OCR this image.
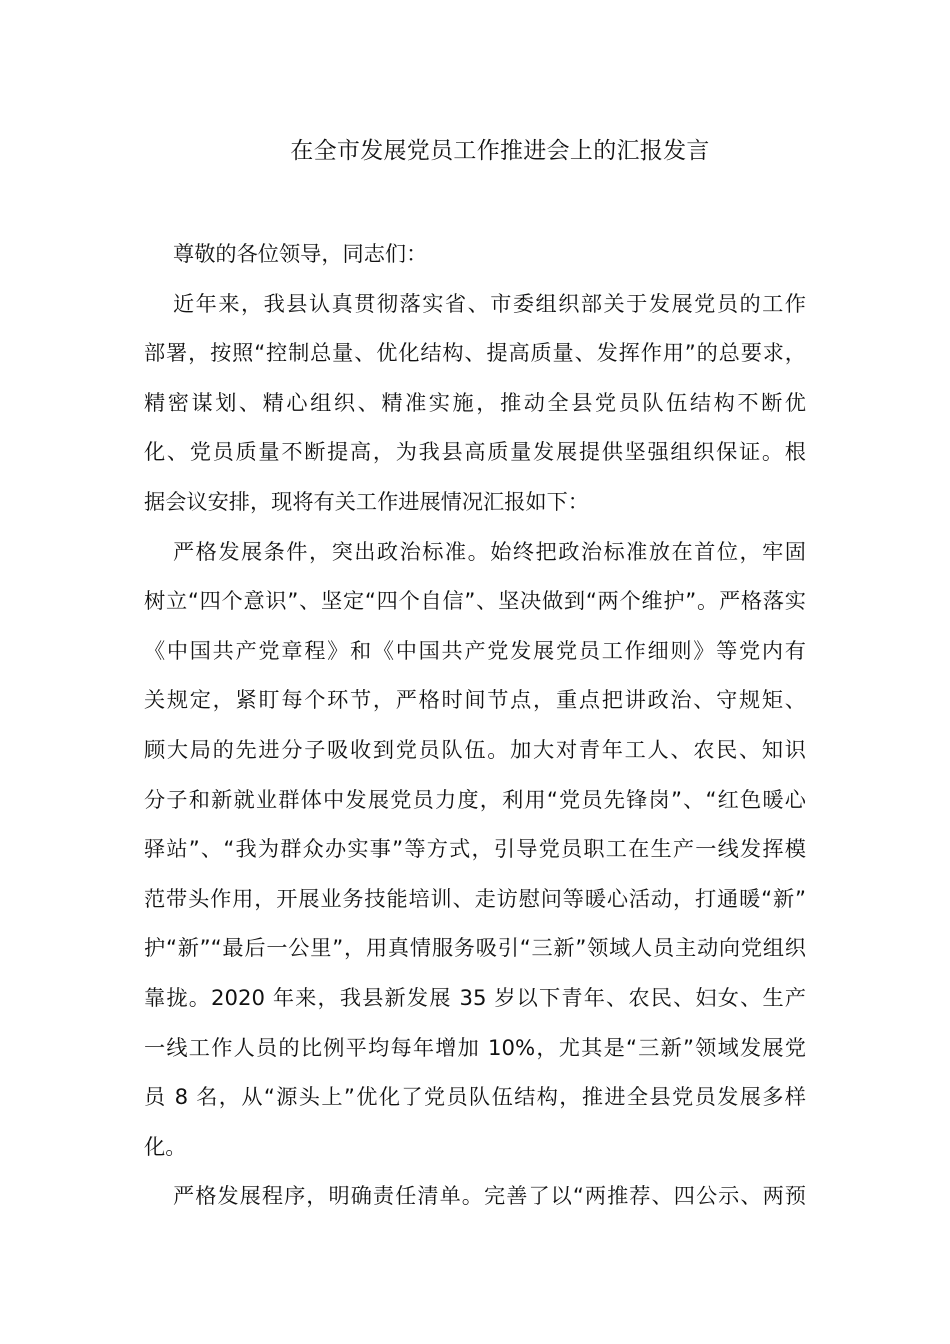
在全市发展党员工作推进会上的汇报发言
尊敬的各位领导，同志们：
近年来，我县认真贯彻落实省、市委组织部关于发展党员的工作
部署，按照“控制总量、优化结构、提高质量、发挥作用”的总要求，
精密谋划、精心组织、精准实施，推动全县党员队伍结构不断优
化、党员质量不断提高，为我县高质量发展提供坚强组织保证。根
据会议安排，现将有关工作进展情况汇报如下：
严格发展条件，突出政治标准。始终把政治标准放在首位，牢固
树立“四个意识”、坚定“四个自信”、坚决做到“两个维护”。严格落实
《中国共产党章程》和《中国共产党发展党员工作细则》等党内有
关规定，紧盯每个环节，严格时间节点，重点把讲政治、守规矩、
顾大局的先进分子吸收到党员队伍。加大对青年工人、农民、知识
分子和新就业群体中发展党员力度，利用“党员先锋岗”、“红色暖心
驿站”、“我为群众办实事”等方式，引导党员职工在生产一线发挥模
范带头作用，开展业务技能培训、走访慰问等暖心活动，打通暖“新”
护“新”“最后一公里”，用真情服务吸引“三新”领域人员主动向党组织
靠拢。2020 年来，我县新发展 35 岁以下青年、农民、妇女、生产
一线工作人员的比例平均每年增加 10%，尤其是“三新”领域发展党
员 8 名，从“源头上”优化了党员队伍结构，推进全县党员发展多样
化。
严格发展程序，明确责任清单。完善了以“两推荐、四公示、两预
